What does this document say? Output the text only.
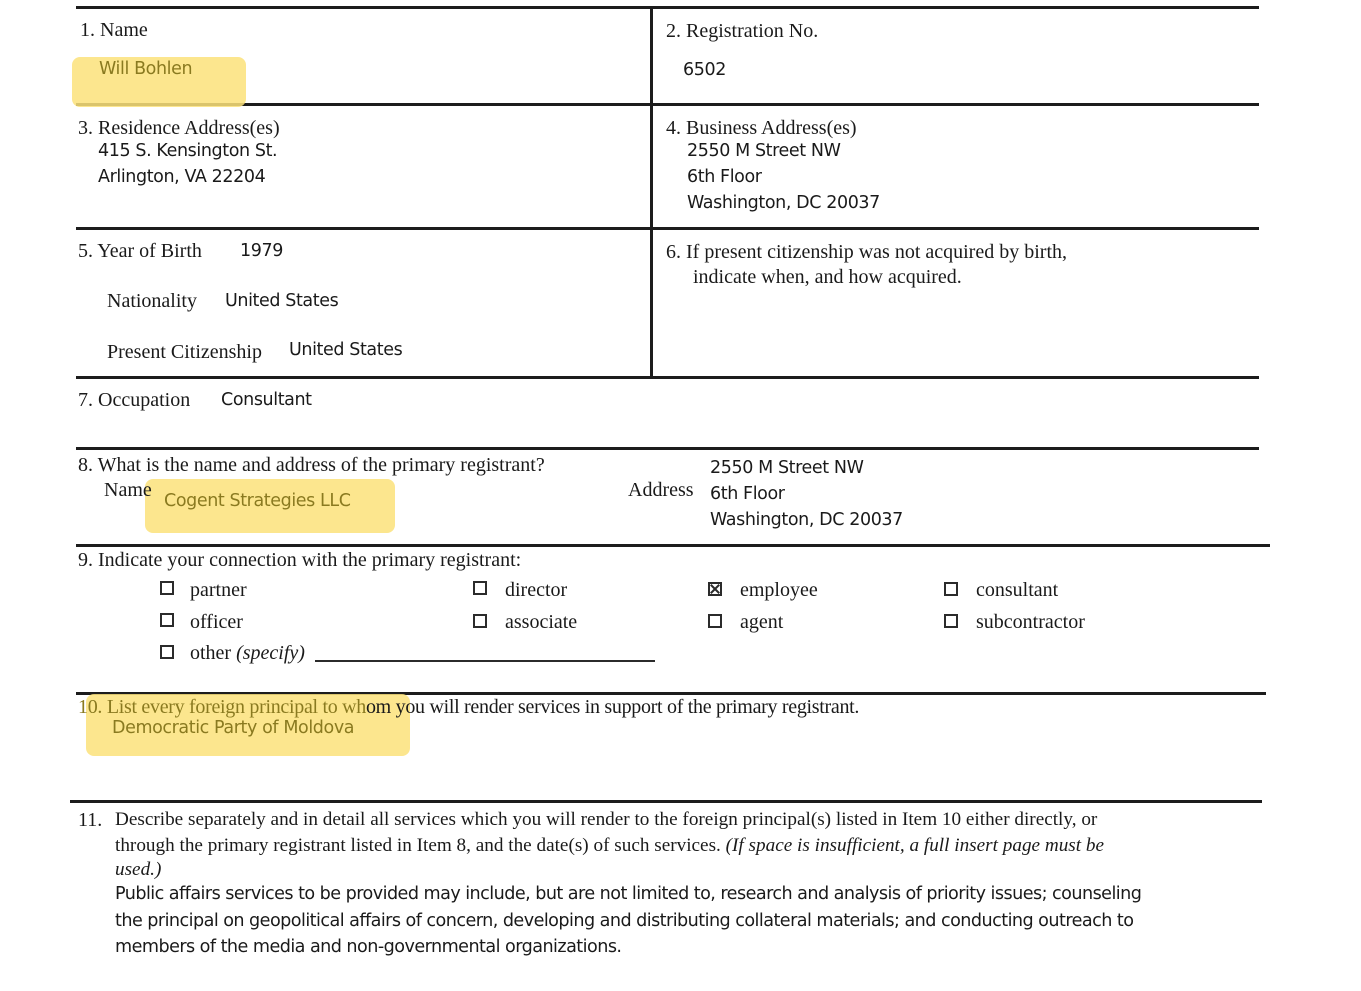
1. Name
Will Bohlen
2. Registration No.
6502
3. Residence Address(es)
415 S. Kensington St.
Arlington, VA 22204
4. Business Address(es)
2550 M Street NW
6th Floor
Washington, DC 20037
5. Year of Birth 1979
Nationality United States
Present Citizenship United States
6. If present citizenship was not acquired by birth,
indicate when, and how acquired.
7. Occupation Consultant
8. What is the name and address of the primary registrant?
Name Cogent Strategies LLC	Address
2550 M Street NW
6th Floor
Washington, DC 20037
9. Indicate your connection with the primary registrant:
partner	director	employee	consultant
officer	associate	agent	subcontractor
other (specify)
10. List every foreign principal to whom you will render services in support of the primary registrant.
Democratic Party of Moldova
11. Describe separately and in detail all services which you will render to the foreign principal(s) listed in Item 10 either directly, or
through the primary registrant listed in Item 8, and the date(s) of such services. (If space is insufficient, a full insert page must be
used.)
Public affairs services to be provided may include, but are not limited to, research and analysis of priority issues; counseling
the principal on geopolitical affairs of concern, developing and distributing collateral materials; and conducting outreach to
members of the media and non-governmental organizations.
